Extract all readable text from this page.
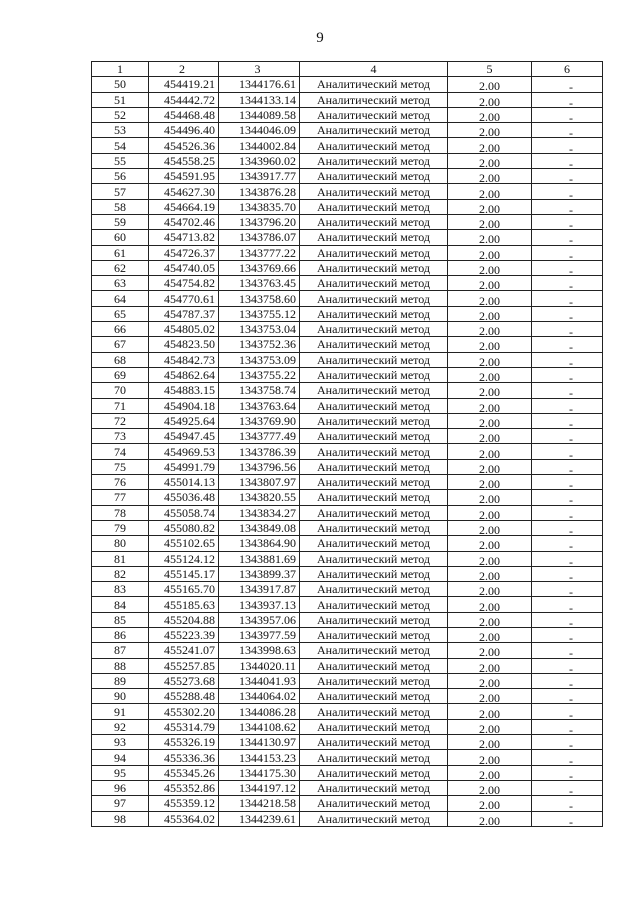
9
1	2	3	4	5	6
50	454419.21	1344176.61	Аналитический метод	2.00	-
51	454442.72	1344133.14	Аналитический метод	2.00	-
52	454468.48	1344089.58	Аналитический метод	2.00	-
53	454496.40	1344046.09	Аналитический метод	2.00	-
54	454526.36	1344002.84	Аналитический метод	2.00	-
55	454558.25	1343960.02	Аналитический метод	2.00	-
56	454591.95	1343917.77	Аналитический метод	2.00	-
57	454627.30	1343876.28	Аналитический метод	2.00	-
58	454664.19	1343835.70	Аналитический метод	2.00	-
59	454702.46	1343796.20	Аналитический метод	2.00	-
60	454713.82	1343786.07	Аналитический метод	2.00	-
61	454726.37	1343777.22	Аналитический метод	2.00	-
62	454740.05	1343769.66	Аналитический метод	2.00	-
63	454754.82	1343763.45	Аналитический метод	2.00	-
64	454770.61	1343758.60	Аналитический метод	2.00	-
65	454787.37	1343755.12	Аналитический метод	2.00	-
66	454805.02	1343753.04	Аналитический метод	2.00	-
67	454823.50	1343752.36	Аналитический метод	2.00	-
68	454842.73	1343753.09	Аналитический метод	2.00	-
69	454862.64	1343755.22	Аналитический метод	2.00	-
70	454883.15	1343758.74	Аналитический метод	2.00	-
71	454904.18	1343763.64	Аналитический метод	2.00	-
72	454925.64	1343769.90	Аналитический метод	2.00	-
73	454947.45	1343777.49	Аналитический метод	2.00	-
74	454969.53	1343786.39	Аналитический метод	2.00	-
75	454991.79	1343796.56	Аналитический метод	2.00	-
76	455014.13	1343807.97	Аналитический метод	2.00	-
77	455036.48	1343820.55	Аналитический метод	2.00	-
78	455058.74	1343834.27	Аналитический метод	2.00	-
79	455080.82	1343849.08	Аналитический метод	2.00	-
80	455102.65	1343864.90	Аналитический метод	2.00	-
81	455124.12	1343881.69	Аналитический метод	2.00	-
82	455145.17	1343899.37	Аналитический метод	2.00	-
83	455165.70	1343917.87	Аналитический метод	2.00	-
84	455185.63	1343937.13	Аналитический метод	2.00	-
85	455204.88	1343957.06	Аналитический метод	2.00	-
86	455223.39	1343977.59	Аналитический метод	2.00	-
87	455241.07	1343998.63	Аналитический метод	2.00	-
88	455257.85	1344020.11	Аналитический метод	2.00	-
89	455273.68	1344041.93	Аналитический метод	2.00	-
90	455288.48	1344064.02	Аналитический метод	2.00	-
91	455302.20	1344086.28	Аналитический метод	2.00	-
92	455314.79	1344108.62	Аналитический метод	2.00	-
93	455326.19	1344130.97	Аналитический метод	2.00	-
94	455336.36	1344153.23	Аналитический метод	2.00	-
95	455345.26	1344175.30	Аналитический метод	2.00	-
96	455352.86	1344197.12	Аналитический метод	2.00	-
97	455359.12	1344218.58	Аналитический метод	2.00	-
98	455364.02	1344239.61	Аналитический метод	2.00	-
